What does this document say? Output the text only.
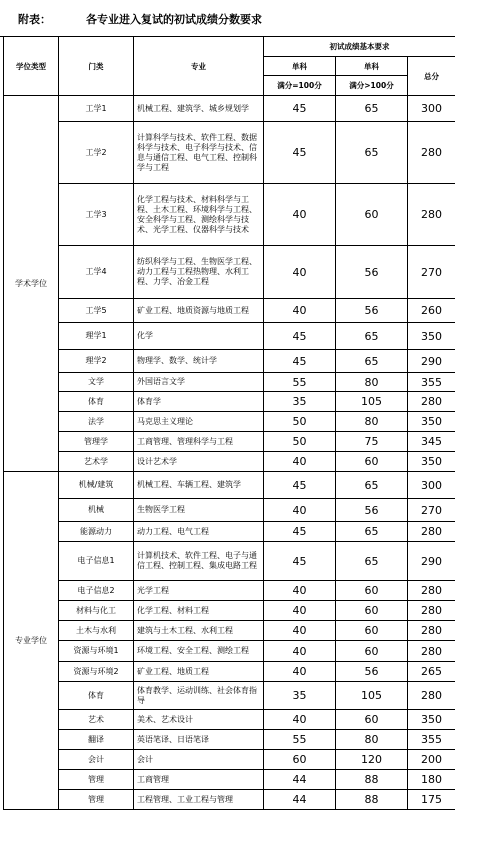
附表：	各专业进入复试的初试成绩分数要求
学位类型	门类	专业	初试成绩基本要求		
			单科	单科	总分
			满分=100分	满分>100分	
学术学位	工学1	机械工程、建筑学、城乡规划学	45	65	300
	工学2	计算科学与技术、软件工程、数据科学与技术、电子科学与技术、信息与通信工程、电气工程、控制科学与工程	45	65	280
	工学3	化学工程与技术、材料科学与工程、土木工程、环境科学与工程、安全科学与工程、测绘科学与技术、光学工程、仪器科学与技术	40	60	280
	工学4	纺织科学与工程、生物医学工程、动力工程与工程热物理、水利工程、力学、冶金工程	40	56	270
	工学5	矿业工程、地质资源与地质工程	40	56	260
	理学1	化学	45	65	350
	理学2	物理学、数学、统计学	45	65	290
	文学	外国语言文学	55	80	355
	体育	体育学	35	105	280
	法学	马克思主义理论	50	80	350
	管理学	工商管理、管理科学与工程	50	75	345
	艺术学	设计艺术学	40	60	350
专业学位	机械/建筑	机械工程、车辆工程、建筑学	45	65	300
	机械	生物医学工程	40	56	270
	能源动力	动力工程、电气工程	45	65	280
	电子信息1	计算机技术、软件工程、电子与通信工程、控制工程、集成电路工程	45	65	290
	电子信息2	光学工程	40	60	280
	材料与化工	化学工程、材料工程	40	60	280
	土木与水利	建筑与土木工程、水利工程	40	60	280
	资源与环境1	环境工程、安全工程、测绘工程	40	60	280
	资源与环境2	矿业工程、地质工程	40	56	265
	体育	体育教学、运动训练、社会体育指导	35	105	280
	艺术	美术、艺术设计	40	60	350
	翻译	英语笔译、日语笔译	55	80	355
	会计	会计	60	120	200
	管理	工商管理	44	88	180
	管理	工程管理、工业工程与管理	44	88	175
